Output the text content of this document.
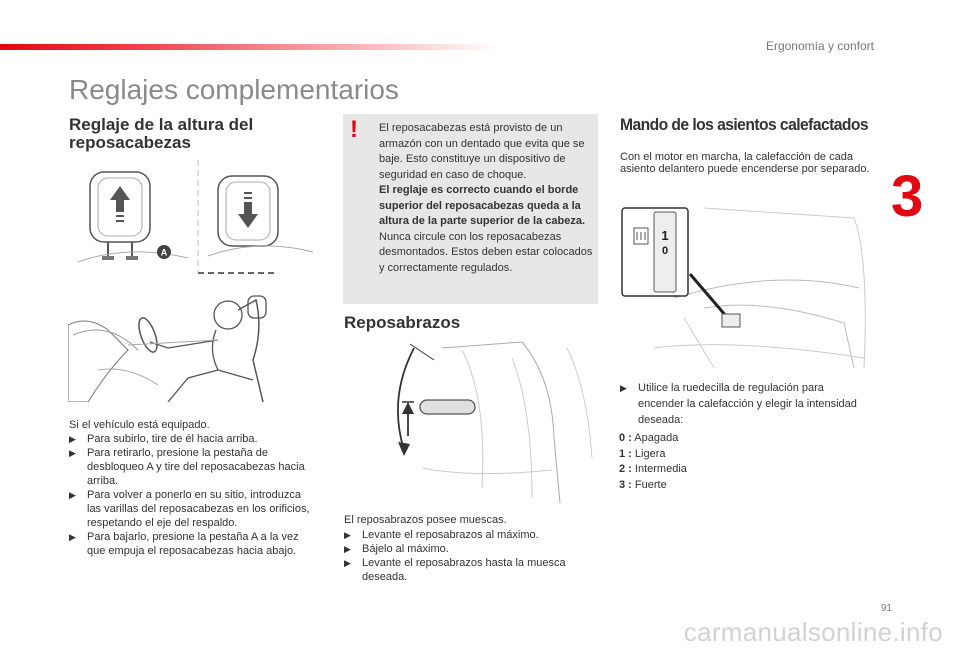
Ergonomía y confort
3
Reglajes complementarios
Reglaje de la altura del reposacabezas
A

Si el vehículo está equipado.

▶ Para subirlo, tire de él hacia arriba.
▶ Para retirarlo, presione la pestaña de desbloqueo A y tire del reposacabezas hacia arriba.
▶ Para volver a ponerlo en su sitio, introduzca las varillas del reposacabezas en los orificios, respetando el eje del respaldo.
▶ Para bajarlo, presione la pestaña A a la vez que empuja el reposacabezas hacia abajo.
! El reposacabezas está provisto de un armazón con un dentado que evita que se baje. Esto constituye un dispositivo de seguridad en caso de choque.
El reglaje es correcto cuando el borde superior del reposacabezas queda a la altura de la parte superior de la cabeza.
Nunca circule con los reposacabezas desmontados. Estos deben estar colocados y correctamente regulados.
Reposabrazos

El reposabrazos posee muescas.

▶ Levante el reposabrazos al máximo.
▶ Bájelo al máximo.
▶ Levante el reposabrazos hasta la muesca deseada.
Mando de los asientos calefactados

Con el motor en marcha, la calefacción de cada asiento delantero puede encenderse por separado.

1
0
▶ Utilice la ruedecilla de regulación para encender la calefacción y elegir la intensidad deseada:
0 : Apagada
1 : Ligera
2 : Intermedia
3 : Fuerte
91
carmanualsonline.info
